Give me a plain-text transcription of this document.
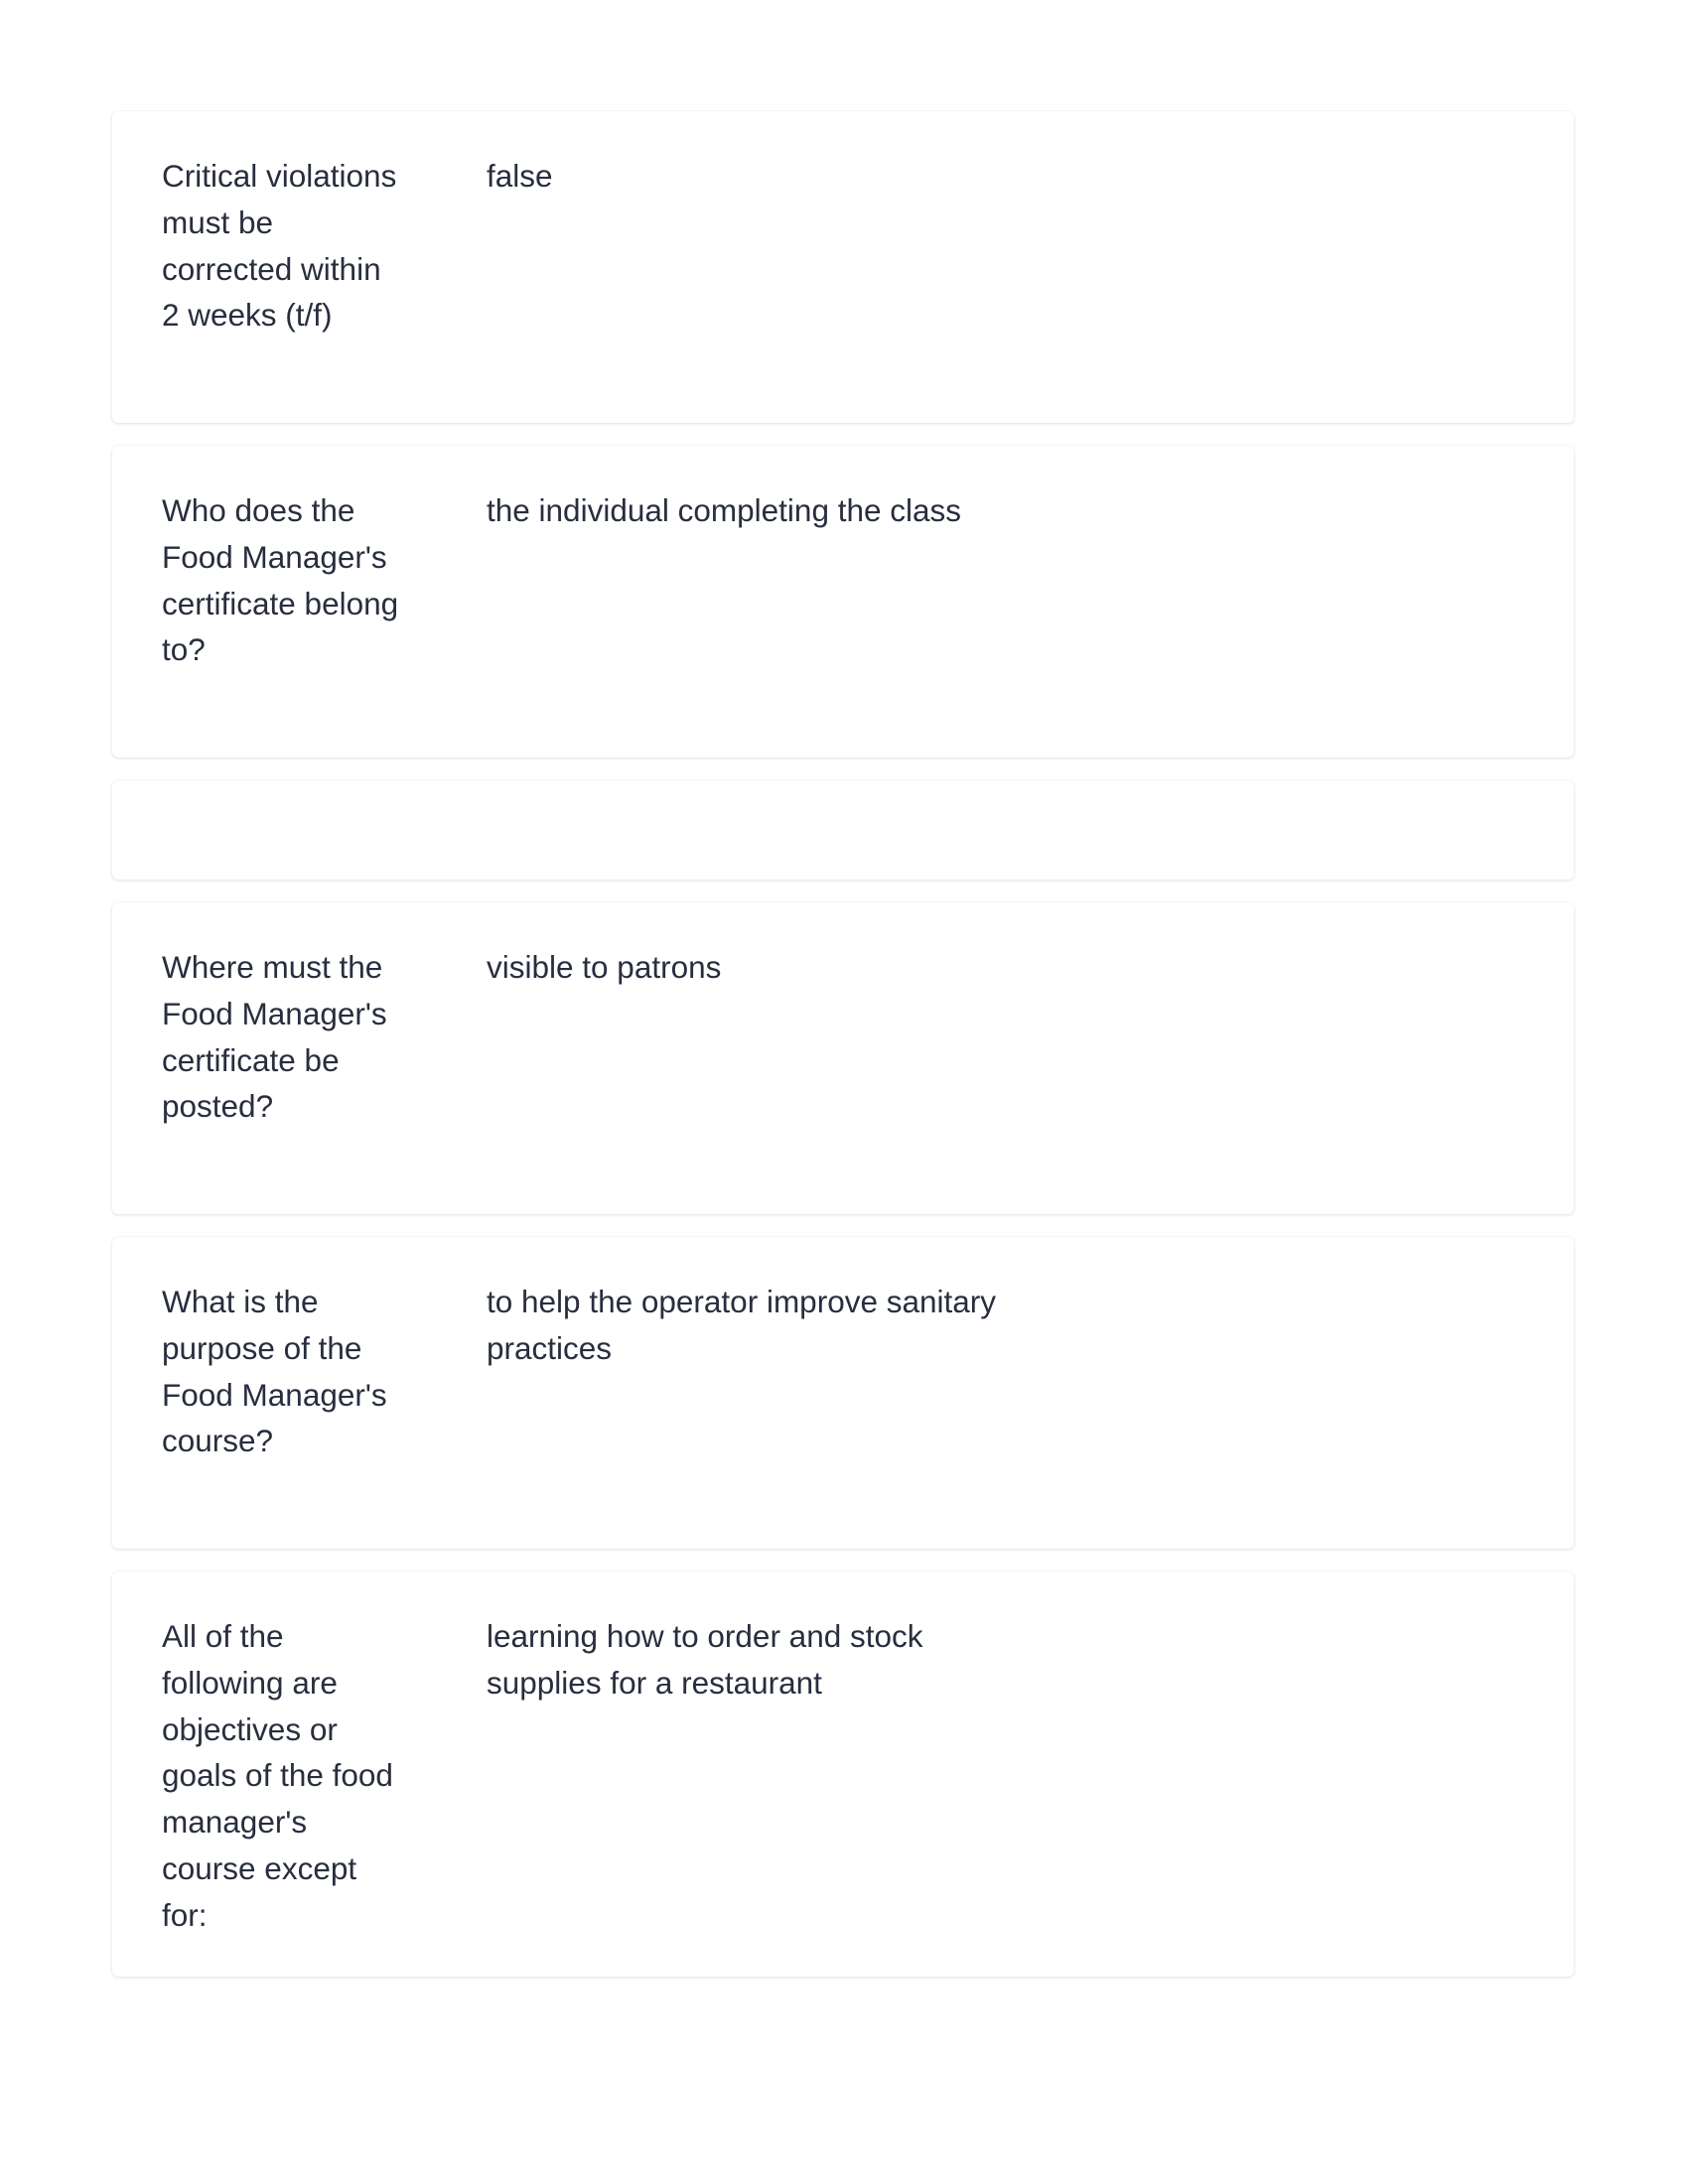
Critical violations must be corrected within 2 weeks (t/f)

false

Who does the Food Manager's certificate belong to?

the individual completing the class

Where must the Food Manager's certificate be posted?

visible to patrons

What is the purpose of the Food Manager's course?

to help the operator improve sanitary practices

All of the following are objectives or goals of the food manager's course except for:

learning how to order and stock supplies for a restaurant
